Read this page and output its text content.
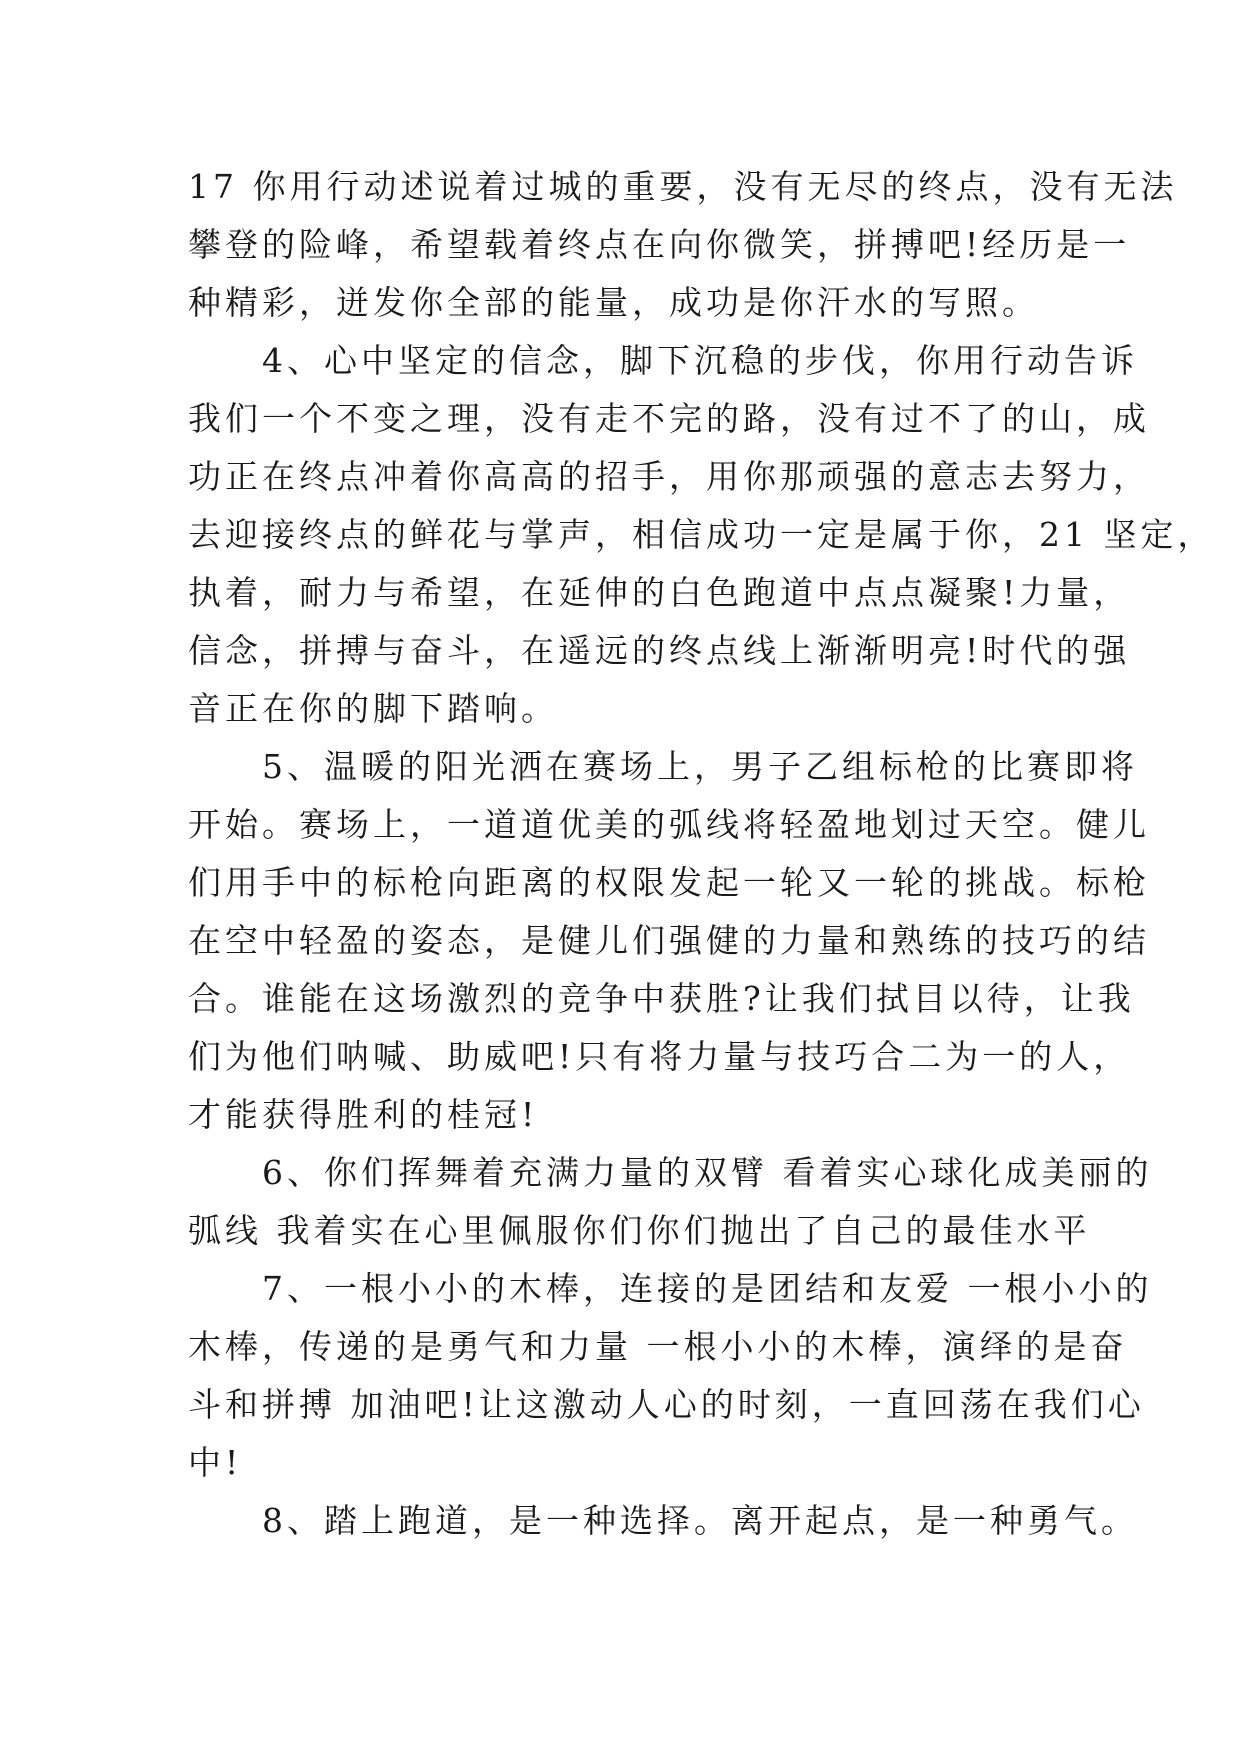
17 你用行动述说着过城的重要，没有无尽的终点，没有无法
攀登的险峰，希望载着终点在向你微笑，拼搏吧!经历是一
种精彩，迸发你全部的能量，成功是你汗水的写照。
　　4、心中坚定的信念，脚下沉稳的步伐，你用行动告诉
我们一个不变之理，没有走不完的路，没有过不了的山，成
功正在终点冲着你高高的招手，用你那顽强的意志去努力，
去迎接终点的鲜花与掌声，相信成功一定是属于你，21 坚定，
执着，耐力与希望，在延伸的白色跑道中点点凝聚!力量，
信念，拼搏与奋斗，在遥远的终点线上渐渐明亮!时代的强
音正在你的脚下踏响。
　　5、温暖的阳光洒在赛场上，男子乙组标枪的比赛即将
开始。赛场上，一道道优美的弧线将轻盈地划过天空。健儿
们用手中的标枪向距离的权限发起一轮又一轮的挑战。标枪
在空中轻盈的姿态，是健儿们强健的力量和熟练的技巧的结
合。谁能在这场激烈的竞争中获胜?让我们拭目以待，让我
们为他们呐喊、助威吧!只有将力量与技巧合二为一的人，
才能获得胜利的桂冠!
　　6、你们挥舞着充满力量的双臂 看着实心球化成美丽的
弧线 我着实在心里佩服你们你们抛出了自己的最佳水平
　　7、一根小小的木棒，连接的是团结和友爱 一根小小的
木棒，传递的是勇气和力量 一根小小的木棒，演绎的是奋
斗和拼搏 加油吧!让这激动人心的时刻，一直回荡在我们心
中!
　　8、踏上跑道，是一种选择。离开起点，是一种勇气。
